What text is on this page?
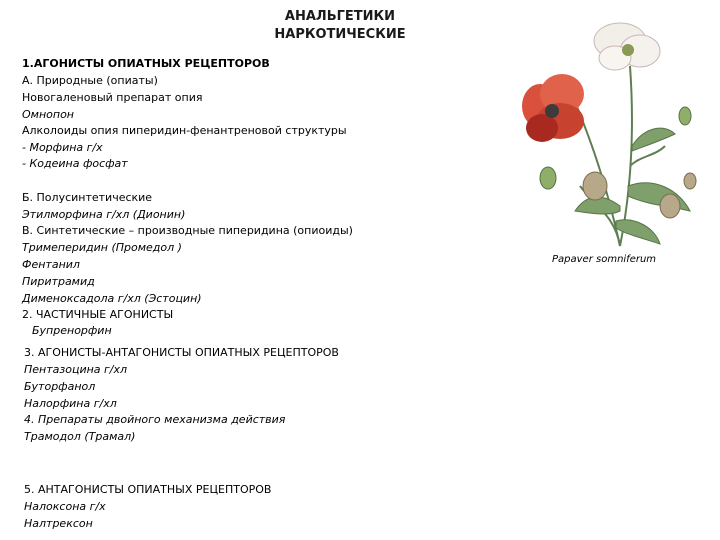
АНАЛЬГЕТИКИ
НАРКОТИЧЕСКИЕ
1.АГОНИСТЫ ОПИАТНЫХ РЕЦЕПТОРОВ
А. Природные (опиаты)
Новогаленовый препарат опия
Омнопон
Алколоиды опия пиперидин-фенантреновой структуры
- Морфина г/х
- Кодеина фосфат
Б. Полусинтетические
Этилморфина г/хл (Дионин)
В. Синтетические – производные пиперидина (опиоиды)
Тримеперидин (Промедол )
Фентанил
Пиритрамид
Дименоксадола г/хл (Эстоцин)
2. ЧАСТИЧНЫЕ АГОНИСТЫ
Бупренорфин
3. АГОНИСТЫ-АНТАГОНИСТЫ ОПИАТНЫХ РЕЦЕПТОРОВ
Пентазоцина г/хл
Буторфанол
Налорфина г/хл
4. Препараты двойного механизма действия
Трамодол (Трамал)
5. АНТАГОНИСТЫ ОПИАТНЫХ РЕЦЕПТОРОВ
Налоксона г/х
Налтрексон
Papaver somniferum
